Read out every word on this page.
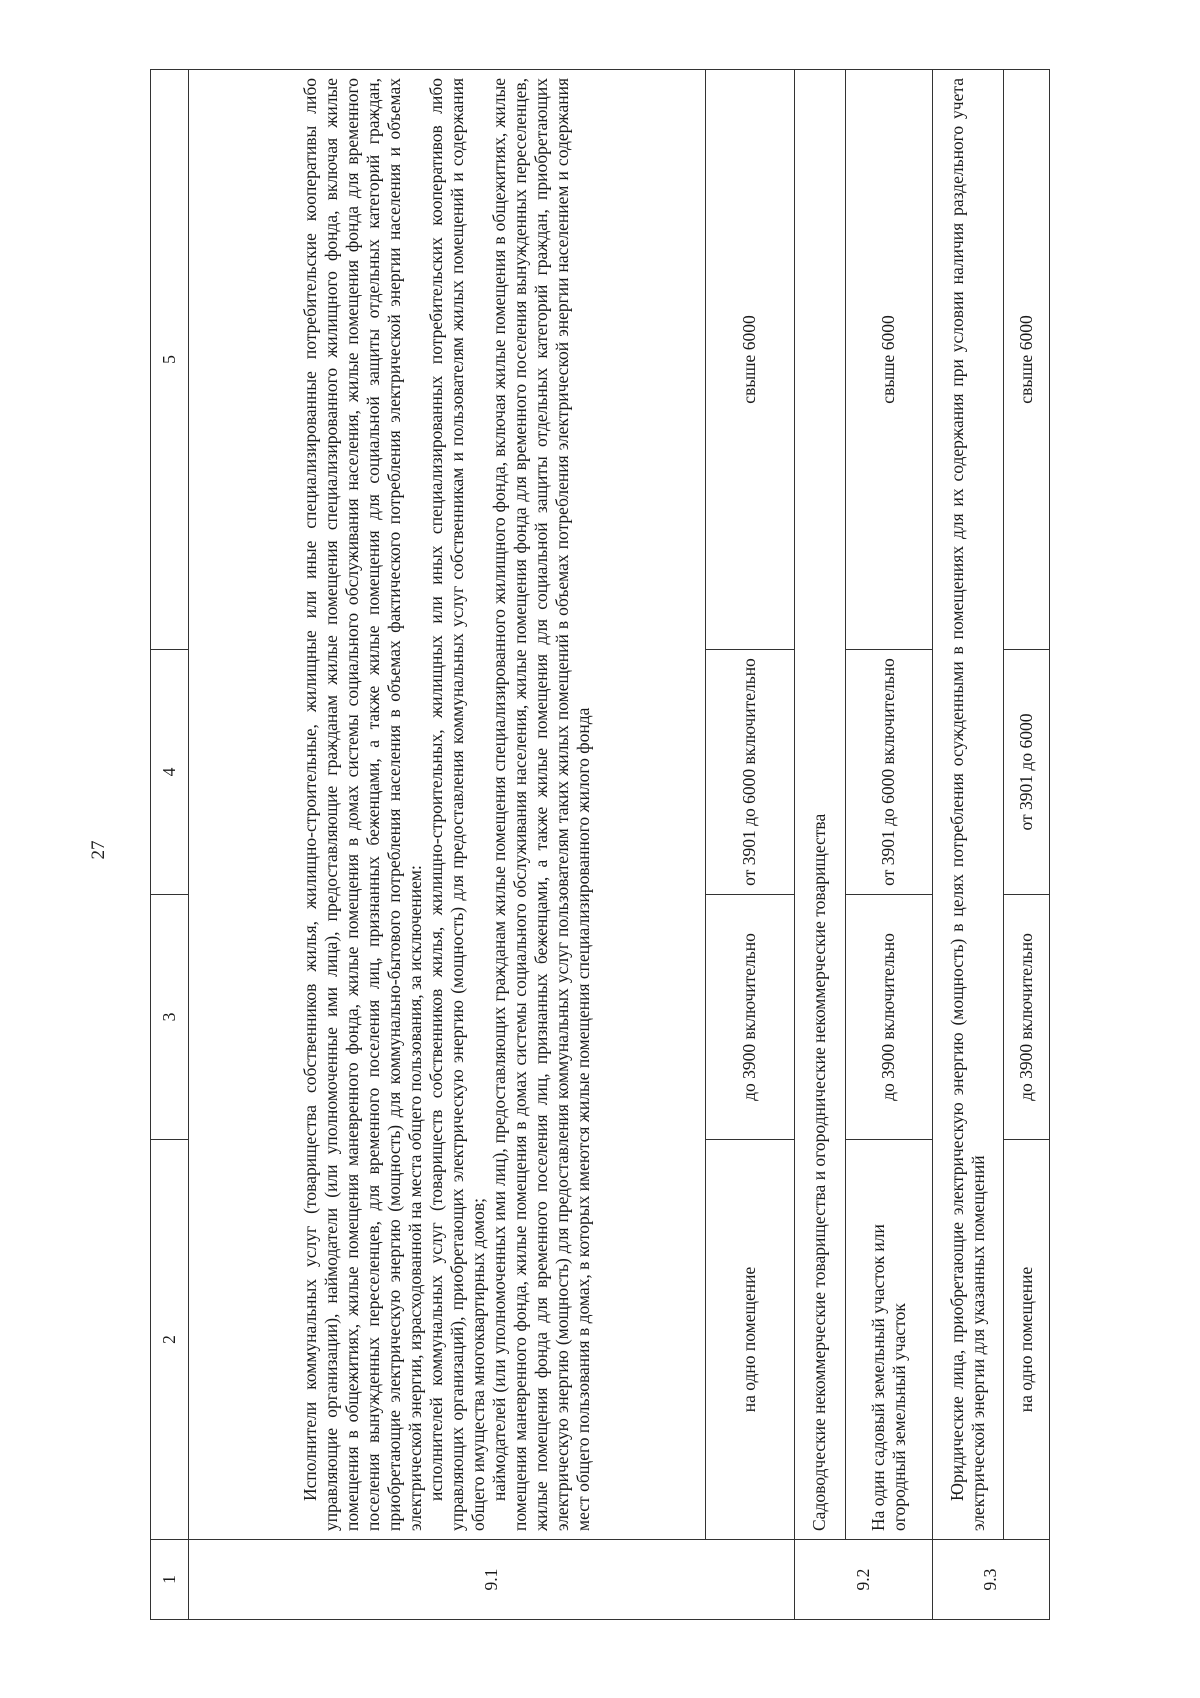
27
1	2	3	4	5
9.1	Исполнители коммунальных услуг (товарищества собственников жилья, жилищно-строительные, жилищные или иные специализированные потребительские кооперативы либо управляющие организации), наймодатели (или уполномоченные ими лица), предоставляющие гражданам жилые помещения специализированного жилищного фонда, включая жилые помещения в общежитиях, жилые помещения маневренного фонда, жилые помещения в домах системы социального обслуживания населения, жилые помещения фонда для временного поселения вынужденных переселенцев, для временного поселения лиц, признанных беженцами, а также жилые помещения для социальной защиты отдельных категорий граждан, приобретающие электрическую энергию (мощность) для коммунально-бытового потребления населения в объемах фактического потребления электрической энергии населения и объемах электрической энергии, израсходованной на места общего пользования, за исключением: исполнителей коммунальных услуг (товариществ собственников жилья, жилищно-строительных, жилищных или иных специализированных потребительских кооперативов либо управляющих организаций), приобретающих электрическую энергию (мощность) для предоставления коммунальных услуг собственникам и пользователям жилых помещений и содержания общего имущества многоквартирных домов; наймодателей (или уполномоченных ими лиц), предоставляющих гражданам жилые помещения специализированного жилищного фонда, включая жилые помещения в общежитиях, жилые помещения маневренного фонда, жилые помещения в домах системы социального обслуживания населения, жилые помещения фонда для временного поселения вынужденных переселенцев, жилые помещения фонда для временного поселения лиц, признанных беженцами, а также жилые помещения для социальной защиты отдельных категорий граждан, приобретающих электрическую энергию (мощность) для предоставления коммунальных услуг пользователям таких жилых помещений в объемах потребления электрической энергии населением и содержания мест общего пользования в домах, в которых имеются жилые помещения специализированного жилого фонда			

	на одно помещение	до 3900 включительно	от 3901 до 6000 включительно	свыше 6000
9.2	Садоводческие некоммерческие товарищества и огороднические некоммерческие товарищества			
	На один садовый земельный участок или огородный земельный участок	до 3900 включительно	от 3901 до 6000 включительно	свыше 6000
9.3	Юридические лица, приобретающие электрическую энергию (мощность) в целях потребления осужденными в помещениях для их содержания при условии наличия раздельного учета электрической энергии для указанных помещений			

	на одно помещение	до 3900 включительно	от 3901 до 6000	свыше 6000
